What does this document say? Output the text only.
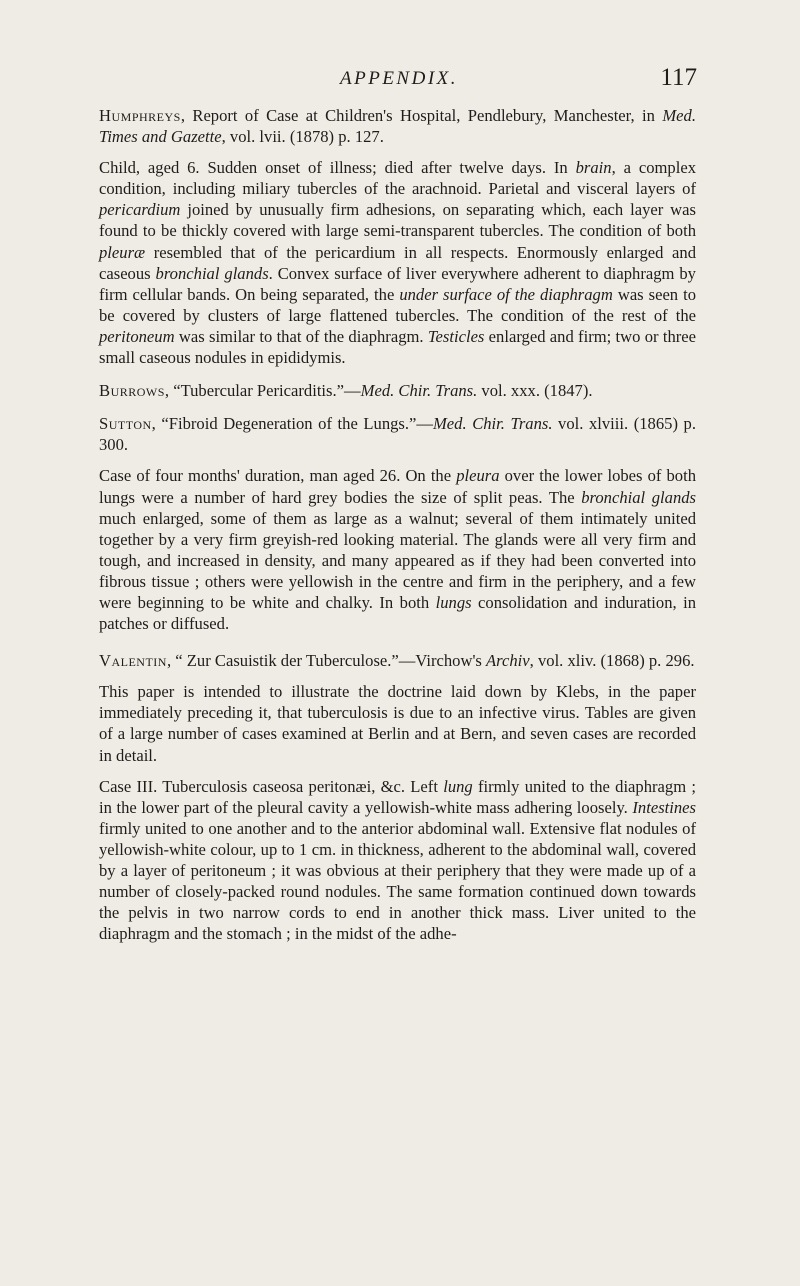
APPENDIX.	117

Humphreys, Report of Case at Children's Hospital, Pendlebury, Manchester, in Med. Times and Gazette, vol. lvii. (1878) p. 127.

Child, aged 6. Sudden onset of illness; died after twelve days. In brain, a complex condition, including miliary tubercles of the arachnoid. Parietal and visceral layers of pericardium joined by unusually firm adhesions, on separating which, each layer was found to be thickly covered with large semi-transparent tubercles. The condition of both pleuræ resembled that of the pericardium in all respects. Enormously enlarged and caseous bronchial glands. Convex surface of liver everywhere adherent to diaphragm by firm cellular bands. On being separated, the under surface of the diaphragm was seen to be covered by clusters of large flattened tubercles. The condition of the rest of the peritoneum was similar to that of the diaphragm. Testicles enlarged and firm; two or three small caseous nodules in epididymis.

Burrows, “Tubercular Pericarditis.”—Med. Chir. Trans. vol. xxx. (1847).

Sutton, “Fibroid Degeneration of the Lungs.”—Med. Chir. Trans. vol. xlviii. (1865) p. 300.

Case of four months' duration, man aged 26. On the pleura over the lower lobes of both lungs were a number of hard grey bodies the size of split peas. The bronchial glands much enlarged, some of them as large as a walnut; several of them intimately united together by a very firm greyish-red looking material. The glands were all very firm and tough, and increased in density, and many appeared as if they had been converted into fibrous tissue ; others were yellowish in the centre and firm in the periphery, and a few were beginning to be white and chalky. In both lungs consolidation and induration, in patches or diffused.

Valentin, “ Zur Casuistik der Tuberculose.”—Virchow's Archiv, vol. xliv. (1868) p. 296.

This paper is intended to illustrate the doctrine laid down by Klebs, in the paper immediately preceding it, that tuberculosis is due to an infective virus. Tables are given of a large number of cases examined at Berlin and at Bern, and seven cases are recorded in detail.

Case III. Tuberculosis caseosa peritonæi, &c. Left lung firmly united to the diaphragm ; in the lower part of the pleural cavity a yellowish-white mass adhering loosely. Intestines firmly united to one another and to the anterior abdominal wall. Extensive flat nodules of yellowish-white colour, up to 1 cm. in thickness, adherent to the abdominal wall, covered by a layer of peritoneum ; it was obvious at their periphery that they were made up of a number of closely-packed round nodules. The same formation continued down towards the pelvis in two narrow cords to end in another thick mass. Liver united to the diaphragm and the stomach ; in the midst of the adhe-
